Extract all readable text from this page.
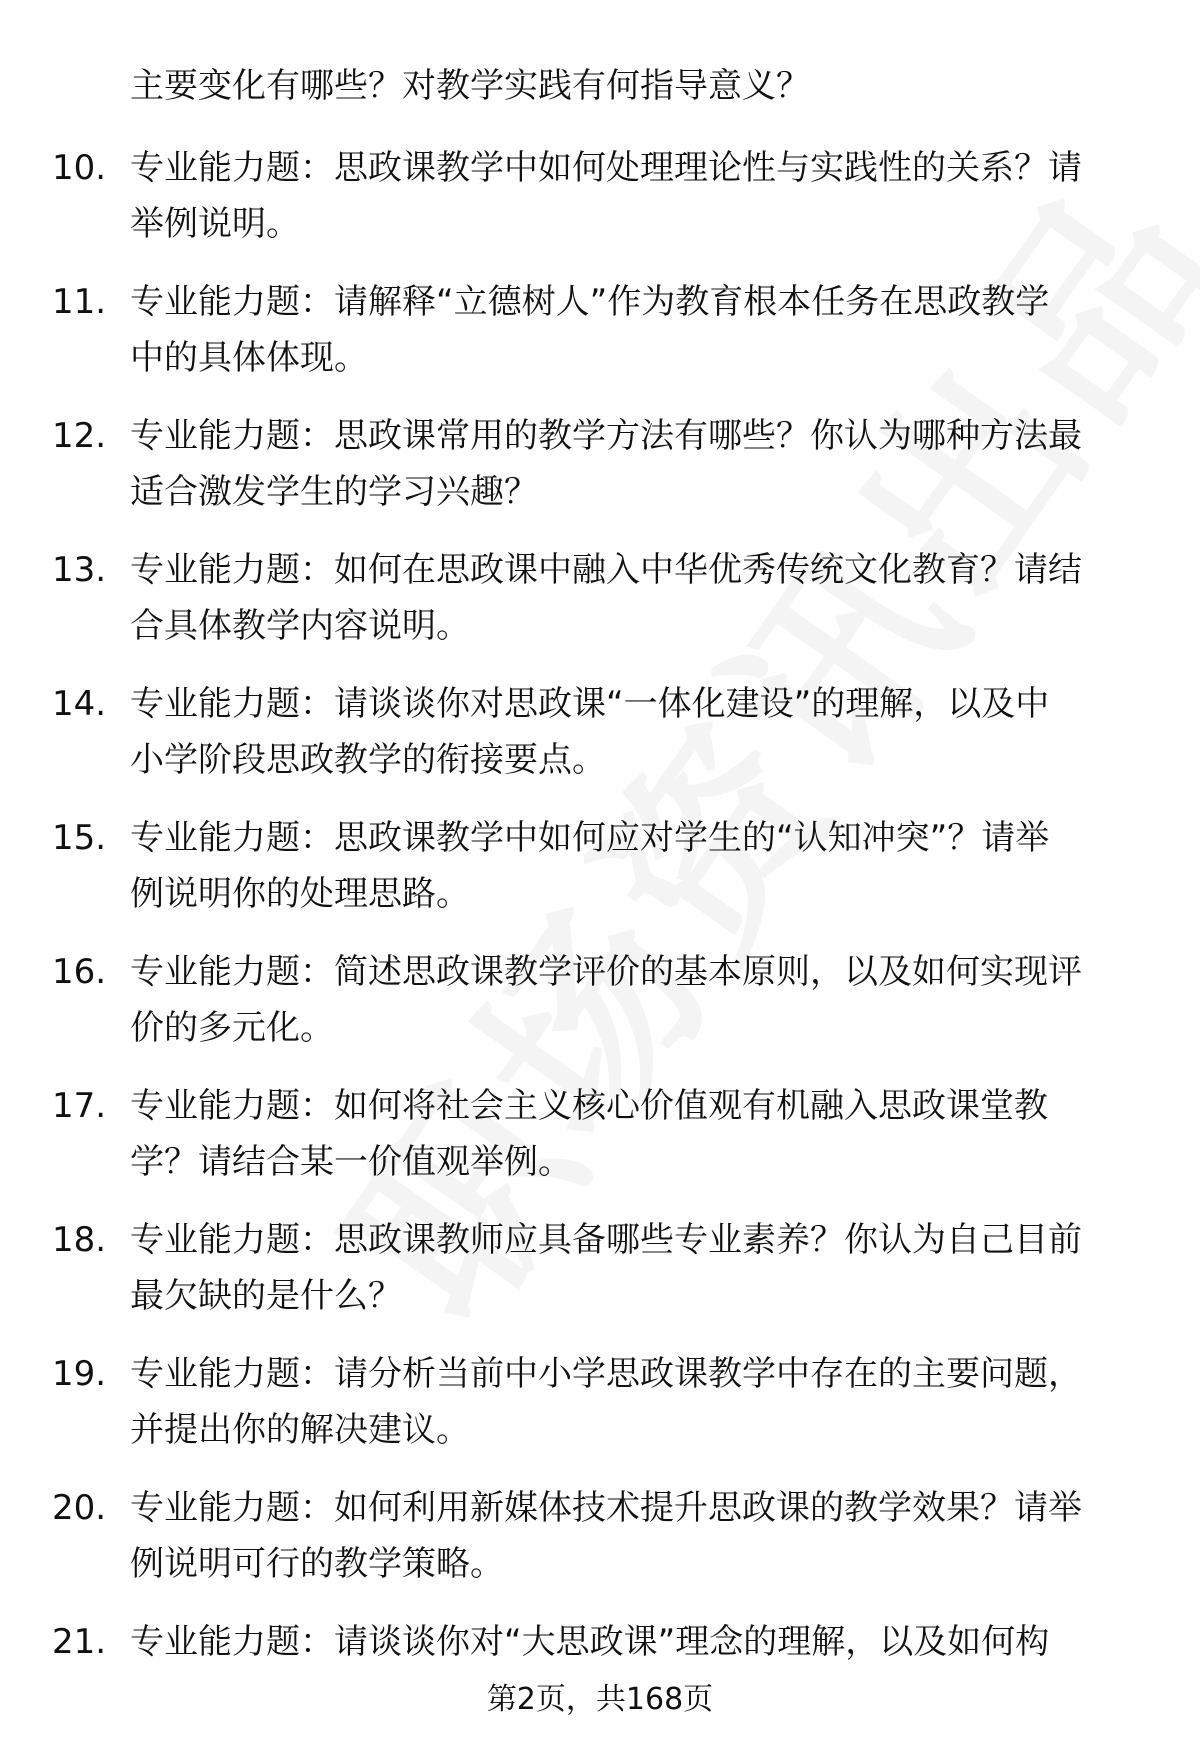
主要变化有哪些？对教学实践有何指导意义？
10. 专业能力题：思政课教学中如何处理理论性与实践性的关系？请
举例说明。
11. 专业能力题：请解释“立德树人”作为教育根本任务在思政教学
中的具体体现。
12. 专业能力题：思政课常用的教学方法有哪些？你认为哪种方法最
适合激发学生的学习兴趣？
13. 专业能力题：如何在思政课中融入中华优秀传统文化教育？请结
合具体教学内容说明。
14. 专业能力题：请谈谈你对思政课“一体化建设”的理解，以及中
小学阶段思政教学的衔接要点。
15. 专业能力题：思政课教学中如何应对学生的“认知冲突”？请举
例说明你的处理思路。
16. 专业能力题：简述思政课教学评价的基本原则，以及如何实现评
价的多元化。
17. 专业能力题：如何将社会主义核心价值观有机融入思政课堂教
学？请结合某一价值观举例。
18. 专业能力题：思政课教师应具备哪些专业素养？你认为自己目前
最欠缺的是什么？
19. 专业能力题：请分析当前中小学思政课教学中存在的主要问题，
并提出你的解决建议。
20. 专业能力题：如何利用新媒体技术提升思政课的教学效果？请举
例说明可行的教学策略。
21. 专业能力题：请谈谈你对“大思政课”理念的理解，以及如何构
第2页，共168页
